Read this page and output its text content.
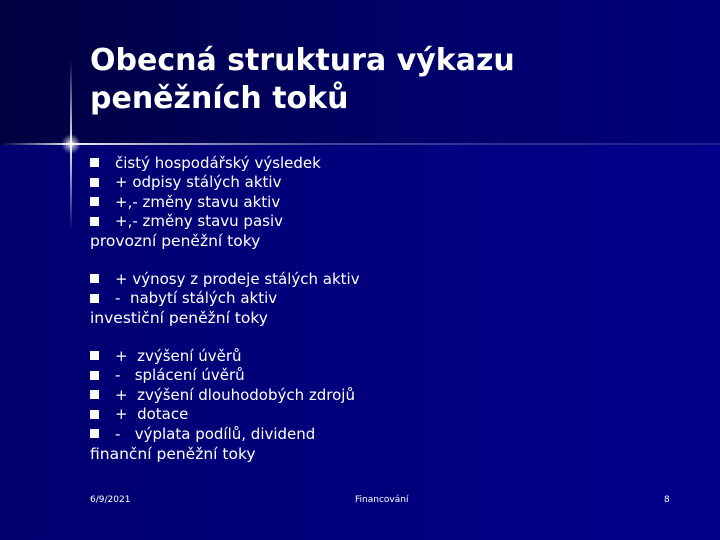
Obecná struktura výkazu peněžních toků
čistý hospodářský výsledek
+ odpisy stálých aktiv
+,- změny stavu aktiv
+,- změny stavu pasiv
provozní peněžní toky
+ výnosy z prodeje stálých aktiv
-  nabytí stálých aktiv
investiční peněžní toky
+  zvýšení úvěrů
-   splácení úvěrů
+  zvýšení dlouhodobých zdrojů
+  dotace
-   výplata podílů, dividend
finanční peněžní toky
6/9/2021	Financování	8
